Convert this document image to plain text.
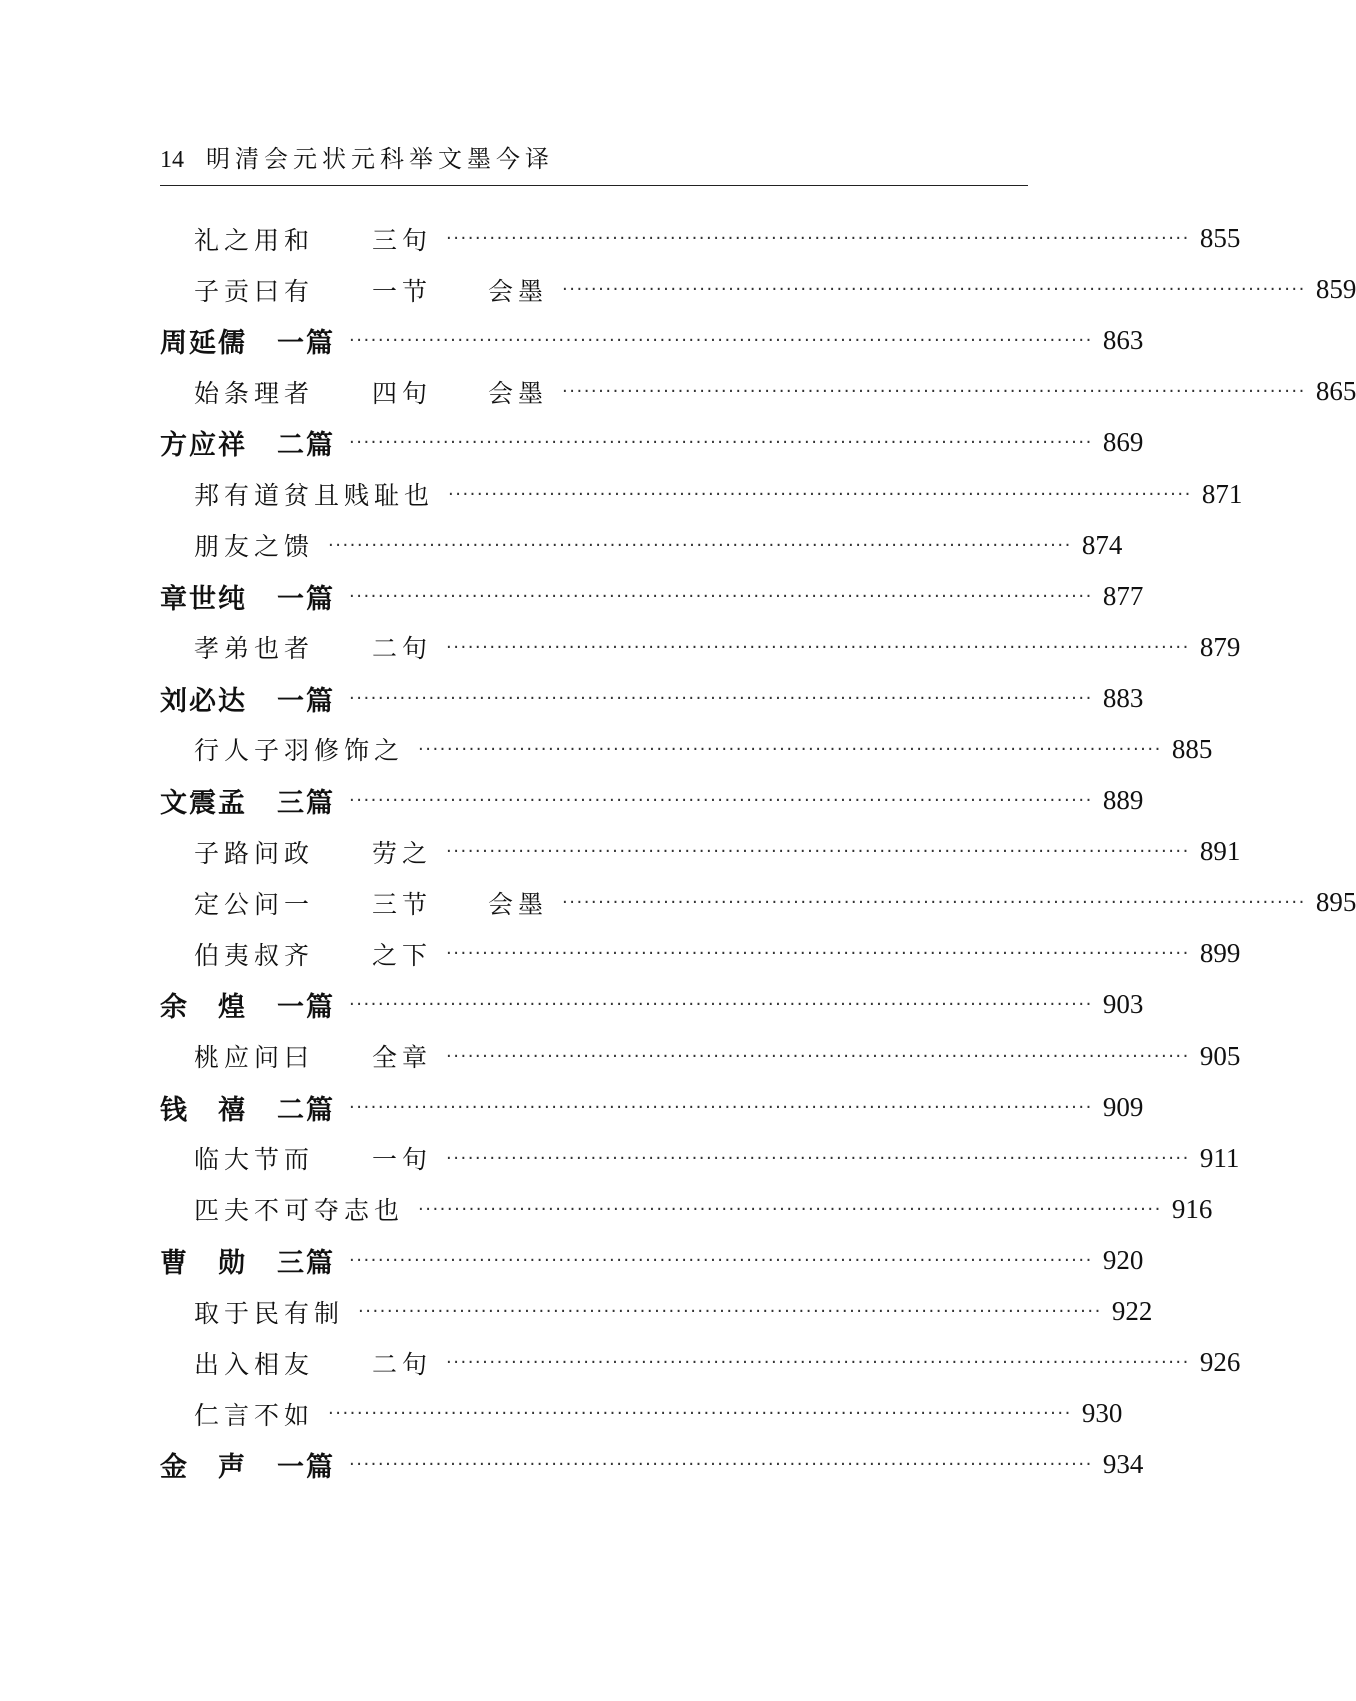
14 明清会元状元科举文墨今译
礼之用和 三句 ······································································································· 855
子贡曰有 一节 会墨 ······································································································· 859
周延儒 一篇 ······································································································· 863
始条理者 四句 会墨 ······································································································· 865
方应祥 二篇 ······································································································· 869
邦有道贫且贱耻也 ······································································································· 871
朋友之馈 ······································································································· 874
章世纯 一篇 ······································································································· 877
孝弟也者 二句 ······································································································· 879
刘必达 一篇 ······································································································· 883
行人子羽修饰之 ······································································································· 885
文震孟 三篇 ······································································································· 889
子路问政 劳之 ······································································································· 891
定公问一 三节 会墨 ······································································································· 895
伯夷叔齐 之下 ······································································································· 899
余　煌 一篇 ······································································································· 903
桃应问曰 全章 ······································································································· 905
钱　禧 二篇 ······································································································· 909
临大节而 一句 ······································································································· 911
匹夫不可夺志也 ······································································································· 916
曹　勋 三篇 ······································································································· 920
取于民有制 ······································································································· 922
出入相友 二句 ······································································································· 926
仁言不如 ······································································································· 930
金　声 一篇 ······································································································· 934
